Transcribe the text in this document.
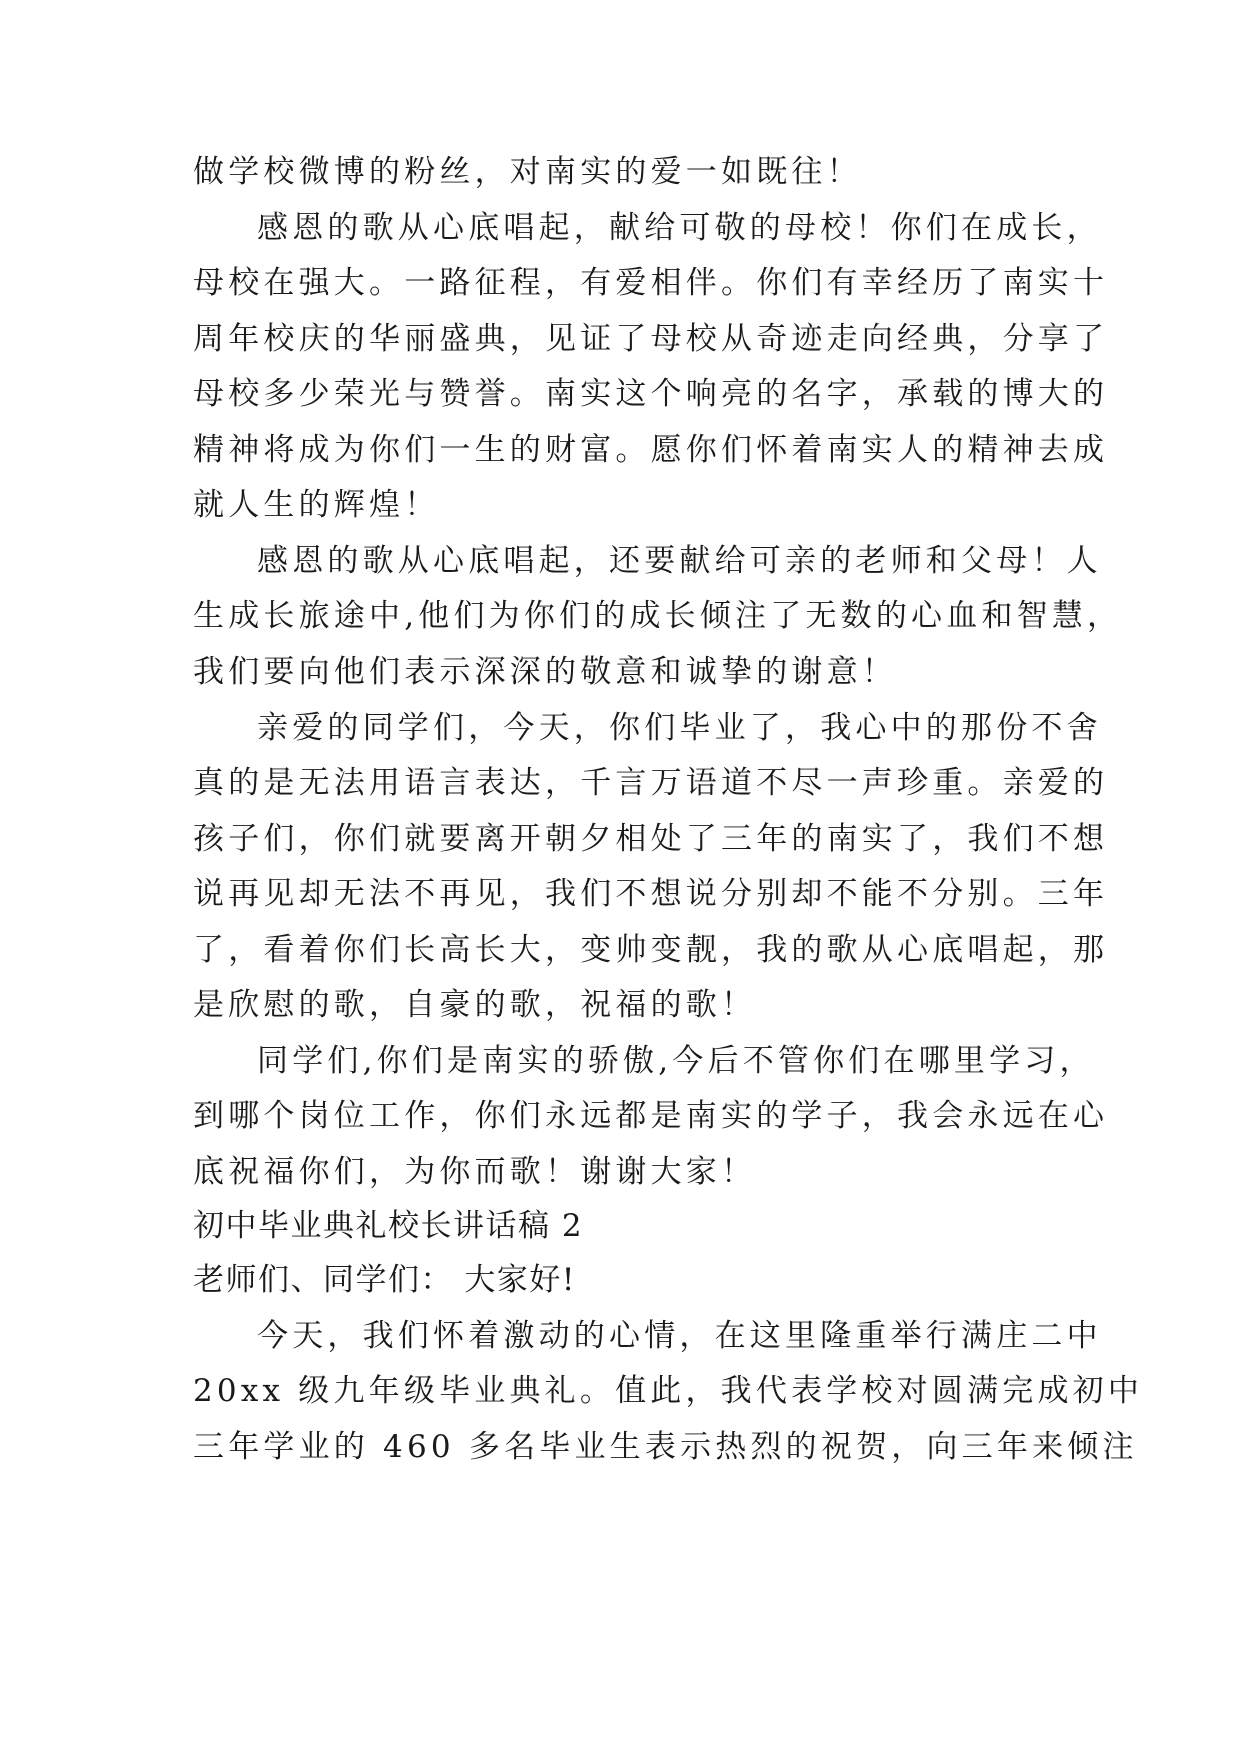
做学校微博的粉丝，对南实的爱一如既往！
感恩的歌从心底唱起，献给可敬的母校！你们在成长，
母校在强大。一路征程，有爱相伴。你们有幸经历了南实十
周年校庆的华丽盛典，见证了母校从奇迹走向经典，分享了
母校多少荣光与赞誉。南实这个响亮的名字，承载的博大的
精神将成为你们一生的财富。愿你们怀着南实人的精神去成
就人生的辉煌！
感恩的歌从心底唱起，还要献给可亲的老师和父母！人
生成长旅途中,他们为你们的成长倾注了无数的心血和智慧，
我们要向他们表示深深的敬意和诚挚的谢意！
亲爱的同学们，今天，你们毕业了，我心中的那份不舍
真的是无法用语言表达，千言万语道不尽一声珍重。亲爱的
孩子们，你们就要离开朝夕相处了三年的南实了，我们不想
说再见却无法不再见，我们不想说分别却不能不分别。三年
了，看着你们长高长大，变帅变靓，我的歌从心底唱起，那
是欣慰的歌，自豪的歌，祝福的歌！
同学们,你们是南实的骄傲,今后不管你们在哪里学习，
到哪个岗位工作，你们永远都是南实的学子，我会永远在心
底祝福你们，为你而歌！谢谢大家！
初中毕业典礼校长讲话稿 2
老师们、同学们： 大家好!
今天，我们怀着激动的心情，在这里隆重举行满庄二中
20xx 级九年级毕业典礼。值此，我代表学校对圆满完成初中
三年学业的 460 多名毕业生表示热烈的祝贺，向三年来倾注
